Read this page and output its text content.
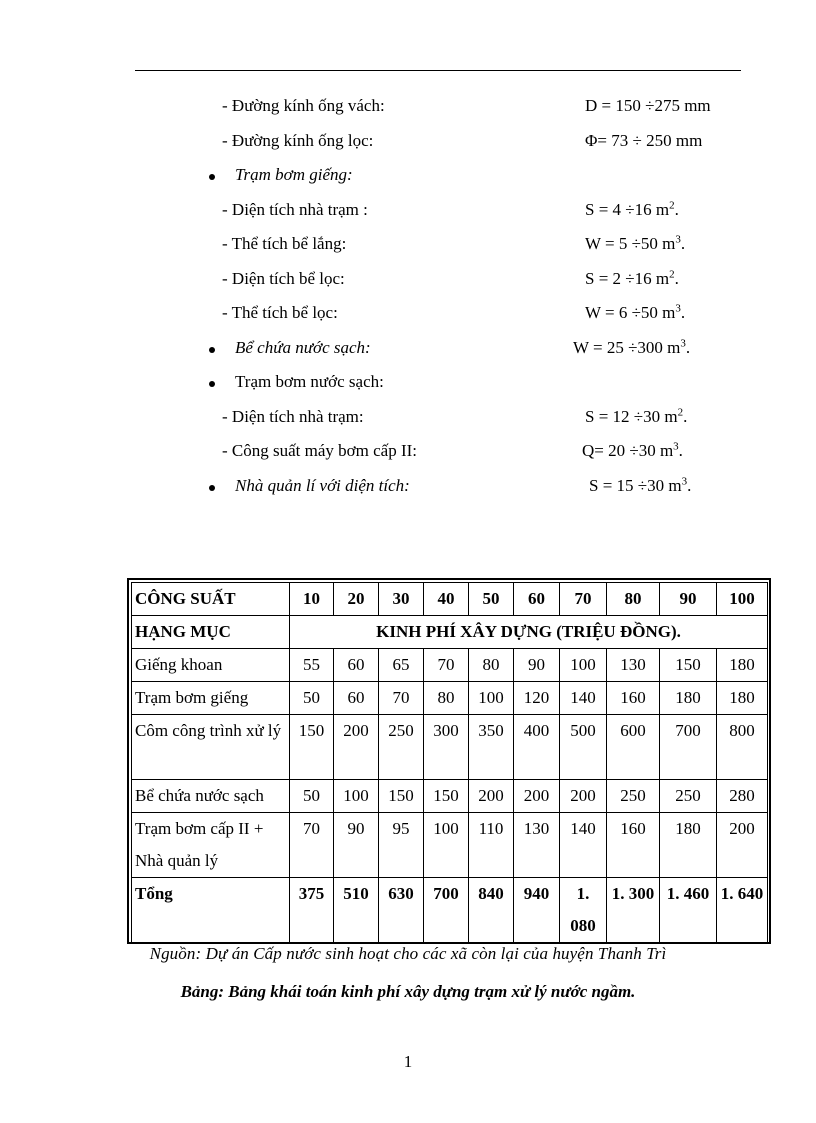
- Đường kính ống vách:	D = 150 ÷275 mm
- Đường kính ống lọc:	Φ= 73 ÷ 250 mm
Trạm bơm giếng:
- Diện tích nhà trạm :	S = 4 ÷16 $m^2$.
- Thể tích bể lắng:	W = 5 ÷50 $m^3$.
- Diện tích bể lọc:	S = 2 ÷16 $m^2$.
- Thể tích bể lọc:	W = 6 ÷50 $m^3$.
Bể chứa nước sạch:	W = 25 ÷300 $m^3$.
Trạm bơm nước sạch:
- Diện tích nhà trạm:	S = 12 ÷30 $m^2$.
- Công suất máy bơm cấp II:	Q= 20 ÷30 $m^3$.
Nhà quản lí với diện tích:	S = 15 ÷30 $m^3$.
CÔNG SUẤT	10	20	30	40	50	60	70	80	90	100
HẠNG MỤC	KINH PHÍ XÂY DỰNG (TRIỆU ĐỒNG).									
Giếng khoan	55	60	65	70	80	90	100	130	150	180
Trạm bơm giếng	50	60	70	80	100	120	140	160	180	180
Côm công trình xử lý	150	200	250	300	350	400	500	600	700	800
Bể chứa nước sạch	50	100	150	150	200	200	200	250	250	280
Trạm bơm cấp II + Nhà quản lý	70	90	95	100	110	130	140	160	180	200
Tổng	375	510	630	700	840	940	1. 080	1. 300	1. 460	1. 640
Nguồn: Dự án Cấp nước sinh hoạt cho các xã còn lại của huyện Thanh Trì
Bảng: Bảng khái toán kinh phí xây dựng trạm xử lý nước ngầm.
1
